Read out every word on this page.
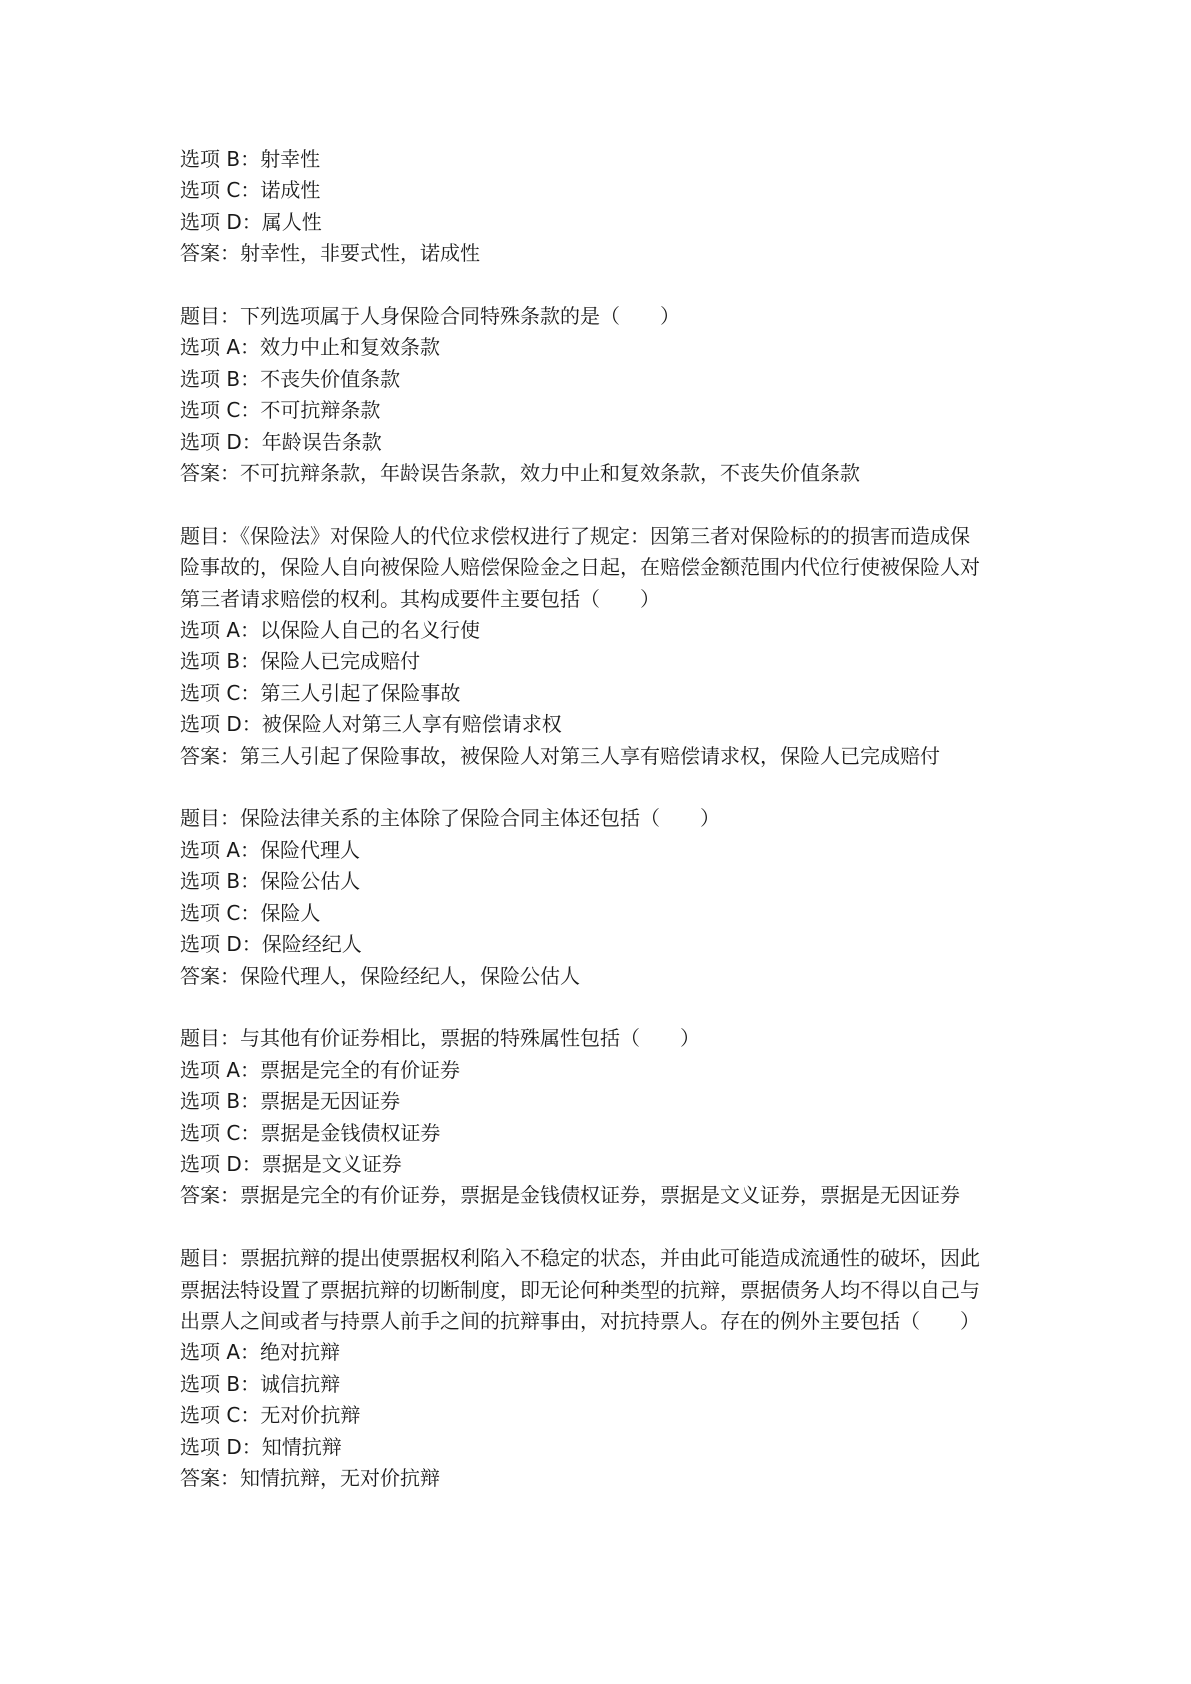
选项 B：射幸性

选项 C：诺成性

选项 D：属人性

答案：射幸性，非要式性，诺成性

题目：下列选项属于人身保险合同特殊条款的是（　　）

选项 A：效力中止和复效条款

选项 B：不丧失价值条款

选项 C：不可抗辩条款

选项 D：年龄误告条款

答案：不可抗辩条款，年龄误告条款，效力中止和复效条款，不丧失价值条款

题目：《保险法》对保险人的代位求偿权进行了规定：因第三者对保险标的的损害而造成保

险事故的，保险人自向被保险人赔偿保险金之日起，在赔偿金额范围内代位行使被保险人对

第三者请求赔偿的权利。其构成要件主要包括（　　）

选项 A：以保险人自己的名义行使

选项 B：保险人已完成赔付

选项 C：第三人引起了保险事故

选项 D：被保险人对第三人享有赔偿请求权

答案：第三人引起了保险事故，被保险人对第三人享有赔偿请求权，保险人已完成赔付

题目：保险法律关系的主体除了保险合同主体还包括（　　）

选项 A：保险代理人

选项 B：保险公估人

选项 C：保险人

选项 D：保险经纪人

答案：保险代理人，保险经纪人，保险公估人

题目：与其他有价证券相比，票据的特殊属性包括（　　）

选项 A：票据是完全的有价证券

选项 B：票据是无因证券

选项 C：票据是金钱债权证券

选项 D：票据是文义证券

答案：票据是完全的有价证券，票据是金钱债权证券，票据是文义证券，票据是无因证券

题目：票据抗辩的提出使票据权利陷入不稳定的状态，并由此可能造成流通性的破坏，因此

票据法特设置了票据抗辩的切断制度，即无论何种类型的抗辩，票据债务人均不得以自己与

出票人之间或者与持票人前手之间的抗辩事由，对抗持票人。存在的例外主要包括（　　）

选项 A：绝对抗辩

选项 B：诚信抗辩

选项 C：无对价抗辩

选项 D：知情抗辩

答案：知情抗辩，无对价抗辩
